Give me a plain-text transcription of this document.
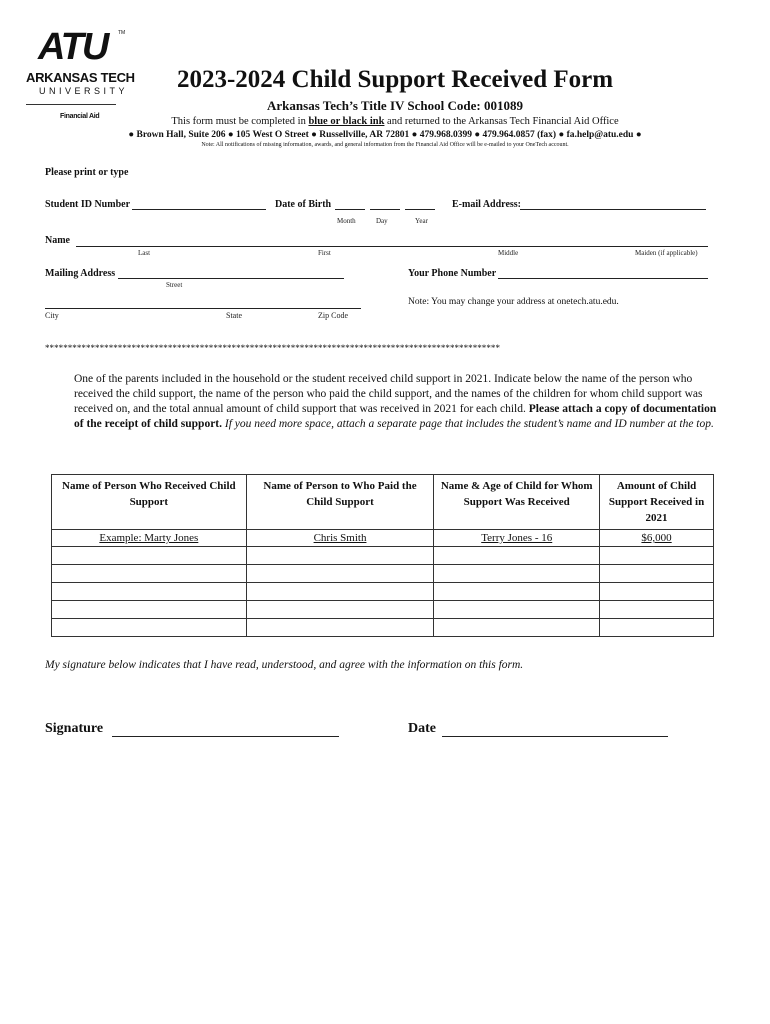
ATU TM
ARKANSAS TECH
UNIVERSITY
Financial Aid
2023-2024 Child Support Received Form
Arkansas Tech’s Title IV School Code: 001089
This form must be completed in blue or black ink and returned to the Arkansas Tech Financial Aid Office
● Brown Hall, Suite 206 ● 105 West O Street ● Russellville, AR 72801 ● 479.968.0399 ● 479.964.0857 (fax) ● fa.help@atu.edu ●
Note: All notifications of missing information, awards, and general information from the Financial Aid Office will be e-mailed to your OneTech account.
Please print or type
Student ID Number	Date of Birth
Month	Day	Year
E-mail Address:
Name
Last	First	Middle	Maiden (if applicable)
Mailing Address
Street
Your Phone Number
City	State	Zip Code
Note: You may change your address at onetech.atu.edu.
****************************************************************************************************
One of the parents included in the household or the student received child support in 2021. Indicate below the name of the person who received the child support, the name of the person who paid the child support, and the names of the children for whom child support was received on, and the total annual amount of child support that was received in 2021 for each child. Please attach a copy of documentation of the receipt of child support. If you need more space, attach a separate page that includes the student’s name and ID number at the top.
Name of Person Who Received Child Support	Name of Person to Who Paid the Child Support	Name & Age of Child for Whom Support Was Received	Amount of Child Support Received in 2021
Example: Marty Jones	Chris Smith	Terry Jones - 16	$6,000

My signature below indicates that I have read, understood, and agree with the information on this form.
Signature	Date
